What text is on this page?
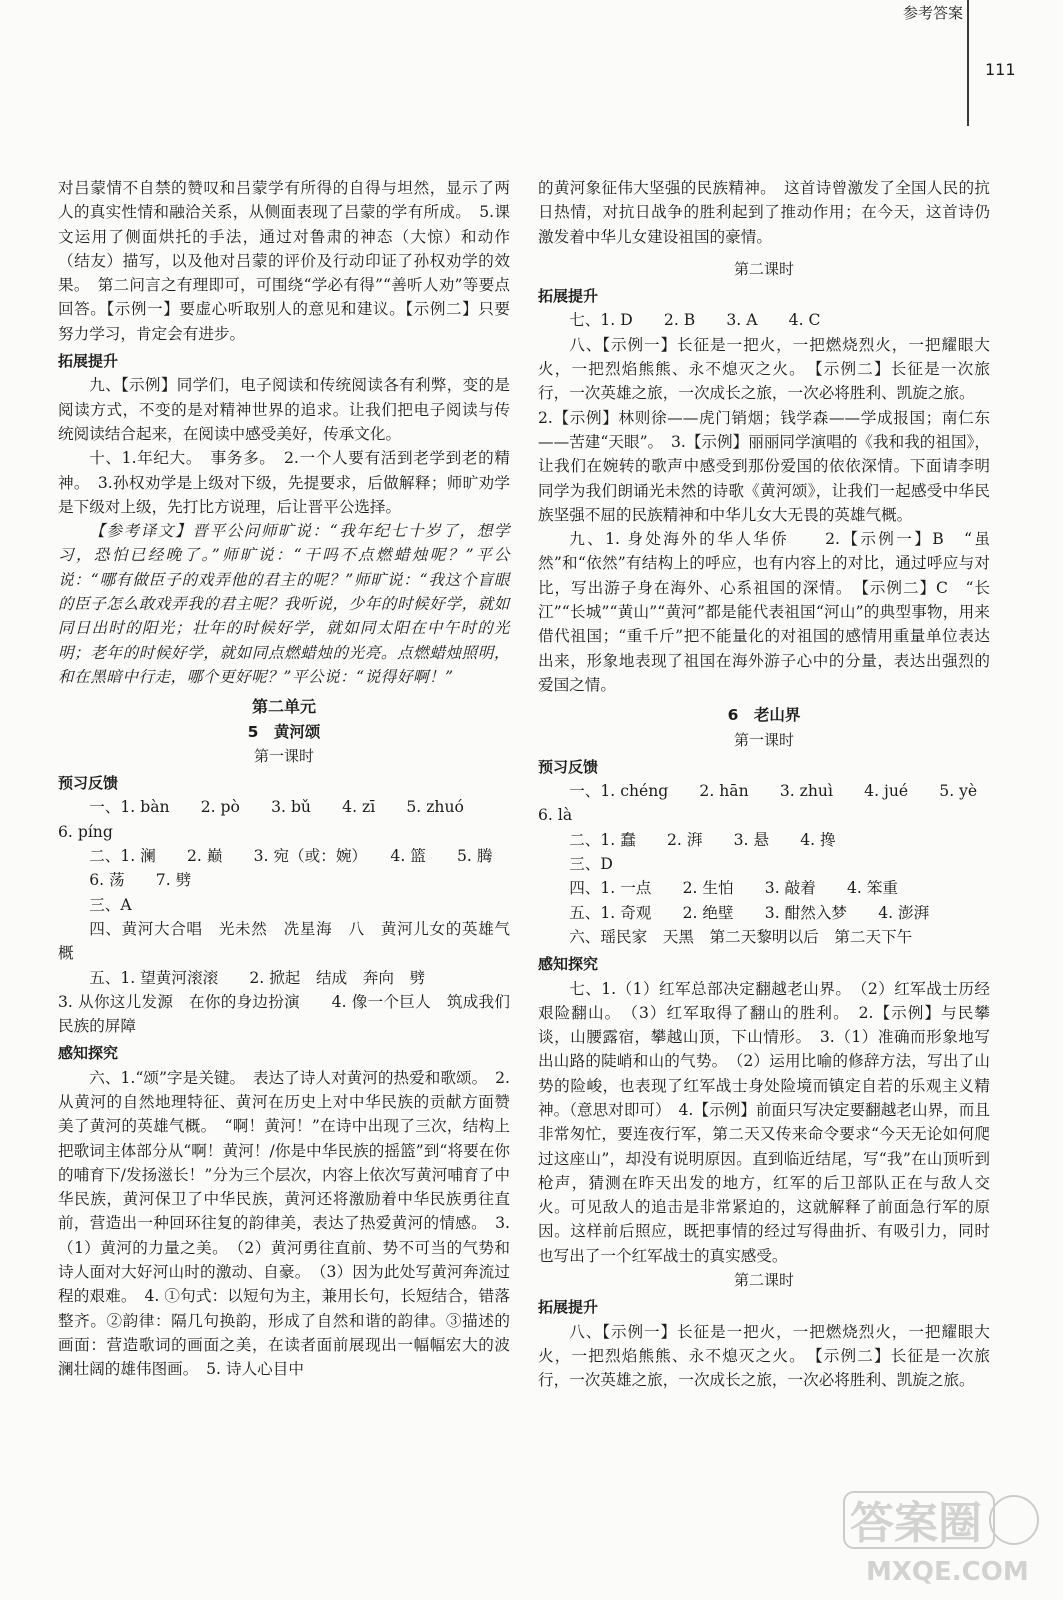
参考答案
111

对吕蒙情不自禁的赞叹和吕蒙学有所得的自得与坦然，显示了两人的真实性情和融洽关系，从侧面表现了吕蒙的学有所成。　5.课文运用了侧面烘托的手法，通过对鲁肃的神态（大惊）和动作（结友）描写，以及他对吕蒙的评价及行动印证了孙权劝学的效果。　第二问言之有理即可，可围绕“学必有得”“善听人劝”等要点回答。【示例一】要虚心听取别人的意见和建议。【示例二】只要努力学习，肯定会有进步。

拓展提升

九、【示例】同学们，电子阅读和传统阅读各有利弊，变的是阅读方式，不变的是对精神世界的追求。让我们把电子阅读与传统阅读结合起来，在阅读中感受美好，传承文化。

十、1.年纪大。　事务多。　2.一个人要有活到老学到老的精神。　3.孙权劝学是上级对下级，先提要求，后做解释；师旷劝学是下级对上级，先打比方说理，后让晋平公选择。

【参考译文】晋平公问师旷说：“我年纪七十岁了，想学习，恐怕已经晚了。”师旷说：“干吗不点燃蜡烛呢？”平公说：“哪有做臣子的戏弄他的君主的呢？”师旷说：“我这个盲眼的臣子怎么敢戏弄我的君主呢？我听说，少年的时候好学，就如同日出时的阳光；壮年的时候好学，就如同太阳在中午时的光明；老年的时候好学，就如同点燃蜡烛的光亮。点燃蜡烛照明，和在黑暗中行走，哪个更好呢？”平公说：“说得好啊！”

第二单元

5　黄河颂

第一课时

预习反馈

一、1. bàn　　2. pò　　3. bǔ　　4. zī　　5. zhuó

6. píng

二、1. 澜　　2. 巅　　3. 宛（或：婉）　　4. 篮　　5. 腾

6. 荡　　7. 劈

三、A

四、黄河大合唱　光未然　冼星海　八　黄河儿女的英雄气概

五、1. 望黄河滚滚　　2. 掀起　结成　奔向　劈

3. 从你这儿发源　在你的身边扮演　　4. 像一个巨人　筑成我们民族的屏障

感知探究

六、1.“颂”字是关键。　表达了诗人对黄河的热爱和歌颂。　2. 从黄河的自然地理特征、黄河在历史上对中华民族的贡献方面赞美了黄河的英雄气概。　“啊！黄河！”在诗中出现了三次，结构上把歌词主体部分从“啊！黄河！/你是中华民族的摇篮”到“将要在你的哺育下/发扬滋长！”分为三个层次，内容上依次写黄河哺育了中华民族，黄河保卫了中华民族，黄河还将激励着中华民族勇往直前，营造出一种回环往复的韵律美，表达了热爱黄河的情感。　3.（1）黄河的力量之美。　（2）黄河勇往直前、势不可当的气势和诗人面对大好河山时的激动、自豪。　（3）因为此处写黄河奔流过程的艰难。　4. ①句式：以短句为主，兼用长句，长短结合，错落整齐。②韵律：隔几句换韵，形成了自然和谐的韵律。③描述的画面：营造歌词的画面之美，在读者面前展现出一幅幅宏大的波澜壮阔的雄伟图画。　5. 诗人心目中

的黄河象征伟大坚强的民族精神。　这首诗曾激发了全国人民的抗日热情，对抗日战争的胜利起到了推动作用；在今天，这首诗仍激发着中华儿女建设祖国的豪情。

第二课时

拓展提升

七、1. D　　2. B　　3. A　　4. C

八、【示例一】长征是一把火，一把燃烧烈火，一把耀眼大火，一把烈焰熊熊、永不熄灭之火。　【示例二】长征是一次旅行，一次英雄之旅，一次成长之旅，一次必将胜利、凯旋之旅。

2.【示例】林则徐——虎门销烟；钱学森——学成报国；南仁东——苦建“天眼”。　3.【示例】丽丽同学演唱的《我和我的祖国》，让我们在婉转的歌声中感受到那份爱国的依依深情。下面请李明同学为我们朗诵光未然的诗歌《黄河颂》，让我们一起感受中华民族坚强不屈的民族精神和中华儿女大无畏的英雄气概。

九、1. 身处海外的华人华侨　　2.【示例一】B　“虽然”和“依然”有结构上的呼应，也有内容上的对比，通过呼应与对比，写出游子身在海外、心系祖国的深情。　【示例二】C　“长江”“长城”“黄山”“黄河”都是能代表祖国“河山”的典型事物，用来借代祖国；“重千斤”把不能量化的对祖国的感情用重量单位表达出来，形象地表现了祖国在海外游子心中的分量，表达出强烈的爱国之情。

6　老山界

第一课时

预习反馈

一、1. chéng　　2. hān　　3. zhuì　　4. jué　　5. yè

6. là

二、1. 蠢　　2. 湃　　3. 悬　　4. 搀

三、D

四、1. 一点　　2. 生怕　　3. 敲着　　4. 笨重

五、1. 奇观　　2. 绝壁　　3. 酣然入梦　　4. 澎湃

六、瑶民家　天黑　第二天黎明以后　第二天下午

感知探究

七、1.（1）红军总部决定翻越老山界。　（2）红军战士历经艰险翻山。　（3）红军取得了翻山的胜利。　2.【示例】与民攀谈，山腰露宿，攀越山顶，下山情形。　3.（1）准确而形象地写出山路的陡峭和山的气势。　（2）运用比喻的修辞方法，写出了山势的险峻，也表现了红军战士身处险境而镇定自若的乐观主义精神。（意思对即可）　4.【示例】前面只写决定要翻越老山界，而且非常匆忙，要连夜行军，第二天又传来命令要求“今天无论如何爬过这座山”，却没有说明原因。直到临近结尾，写“我”在山顶听到枪声，猜测在昨天出发的地方，红军的后卫部队正在与敌人交火。可见敌人的追击是非常紧迫的，这就解释了前面急行军的原因。这样前后照应，既把事情的经过写得曲折、有吸引力，同时也写出了一个红军战士的真实感受。

第二课时

拓展提升

八、【示例一】长征是一把火，一把燃烧烈火，一把耀眼大火，一把烈焰熊熊、永不熄灭之火。　【示例二】长征是一次旅行，一次英雄之旅，一次成长之旅，一次必将胜利、凯旋之旅。

答案圈
MXQE.COM
